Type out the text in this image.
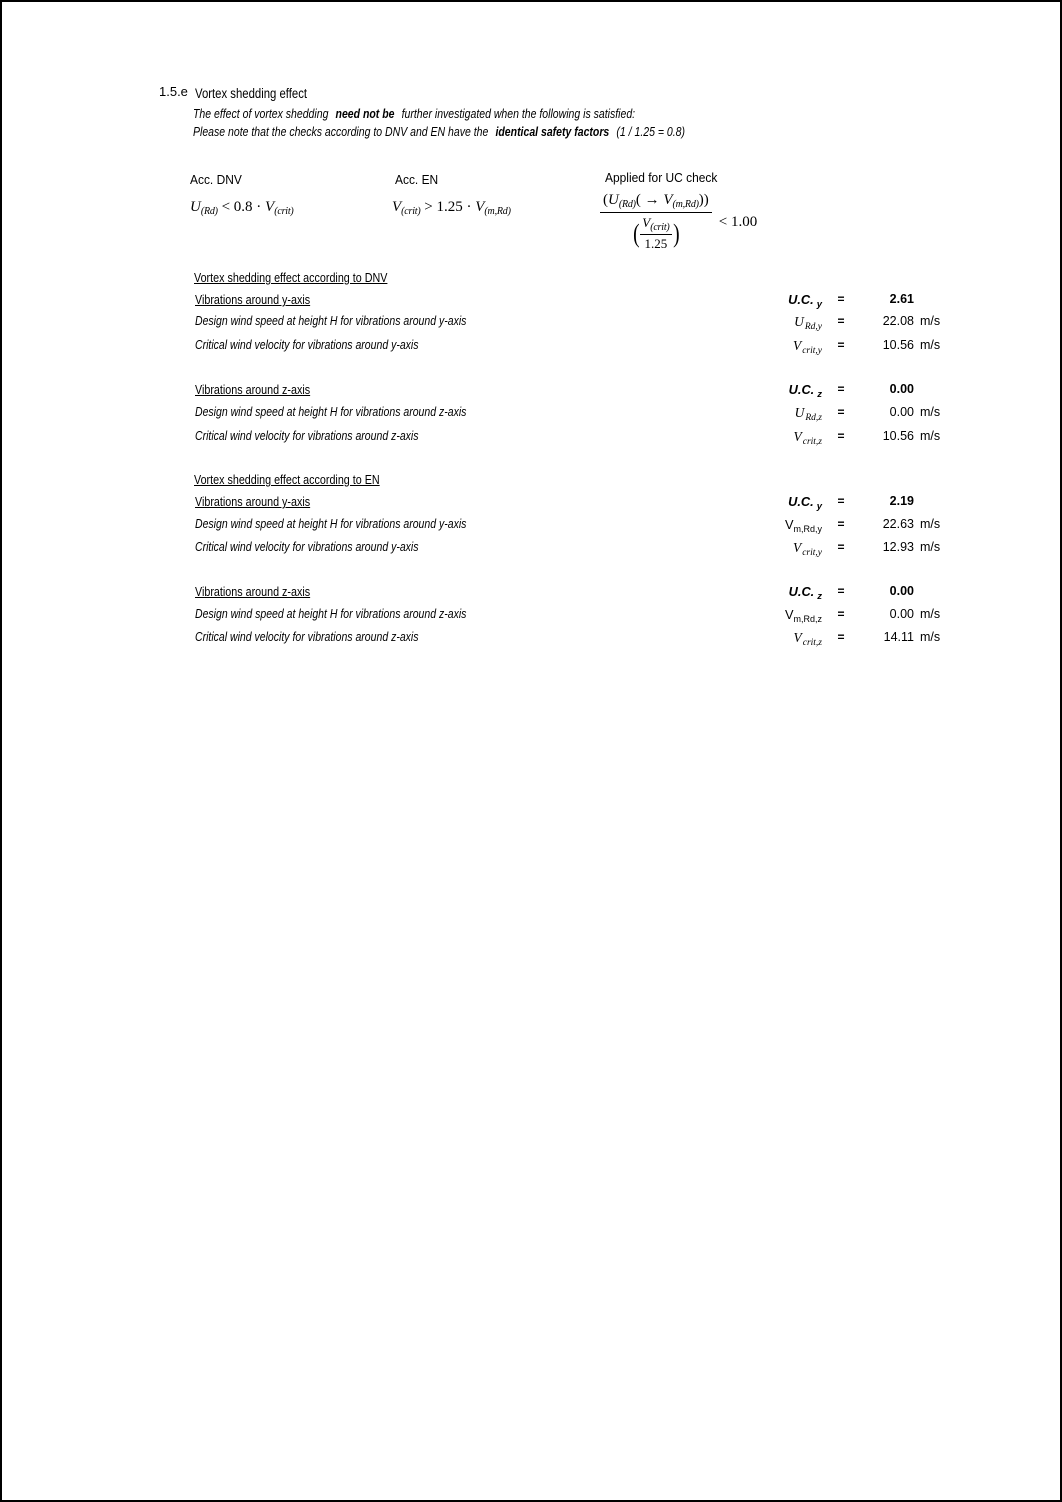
1.5.e Vortex shedding effect
The effect of vortex shedding need not be further investigated when the following is satisfied:
Please note that the checks according to DNV and EN have the identical safety factors (1 / 1.25 = 0.8)
Acc. DNV	Acc. EN	Applied for UC check
$U_{(Rd)} < 0.8 \cdot V_{(crit)}$	$V_{(crit)} > 1.25 \cdot V_{(m,Rd)}$
$(U_{(Rd)}( \to V_{(m,Rd)}))$
( $V_{(crit)}$
1.25 )	< 1.00
Vortex shedding effect according to DNV
Vibrations around y-axis	U.C. $_y$	=	2.61
Design wind speed at height H for vibrations around y-axis	$U_{Rd,y}$	=	22.08 m/s
Critical wind velocity for vibrations around y-axis	$V_{crit,y}$	=	10.56 m/s
Vibrations around z-axis	U.C. $_z$	=	0.00
Design wind speed at height H for vibrations around z-axis	$U_{Rd,z}$	=	0.00 m/s
Critical wind velocity for vibrations around z-axis	$V_{crit,z}$	=	10.56 m/s
Vortex shedding effect according to EN
Vibrations around y-axis	U.C. $_y$	=	2.19
Design wind speed at height H for vibrations around y-axis	$V_{m,Rd,y}$	=	22.63 m/s
Critical wind velocity for vibrations around y-axis	$V_{crit,y}$	=	12.93 m/s
Vibrations around z-axis	U.C. $_z$	=	0.00
Design wind speed at height H for vibrations around z-axis	$V_{m,Rd,z}$	=	0.00 m/s
Critical wind velocity for vibrations around z-axis	$V_{crit,z}$	=	14.11 m/s
